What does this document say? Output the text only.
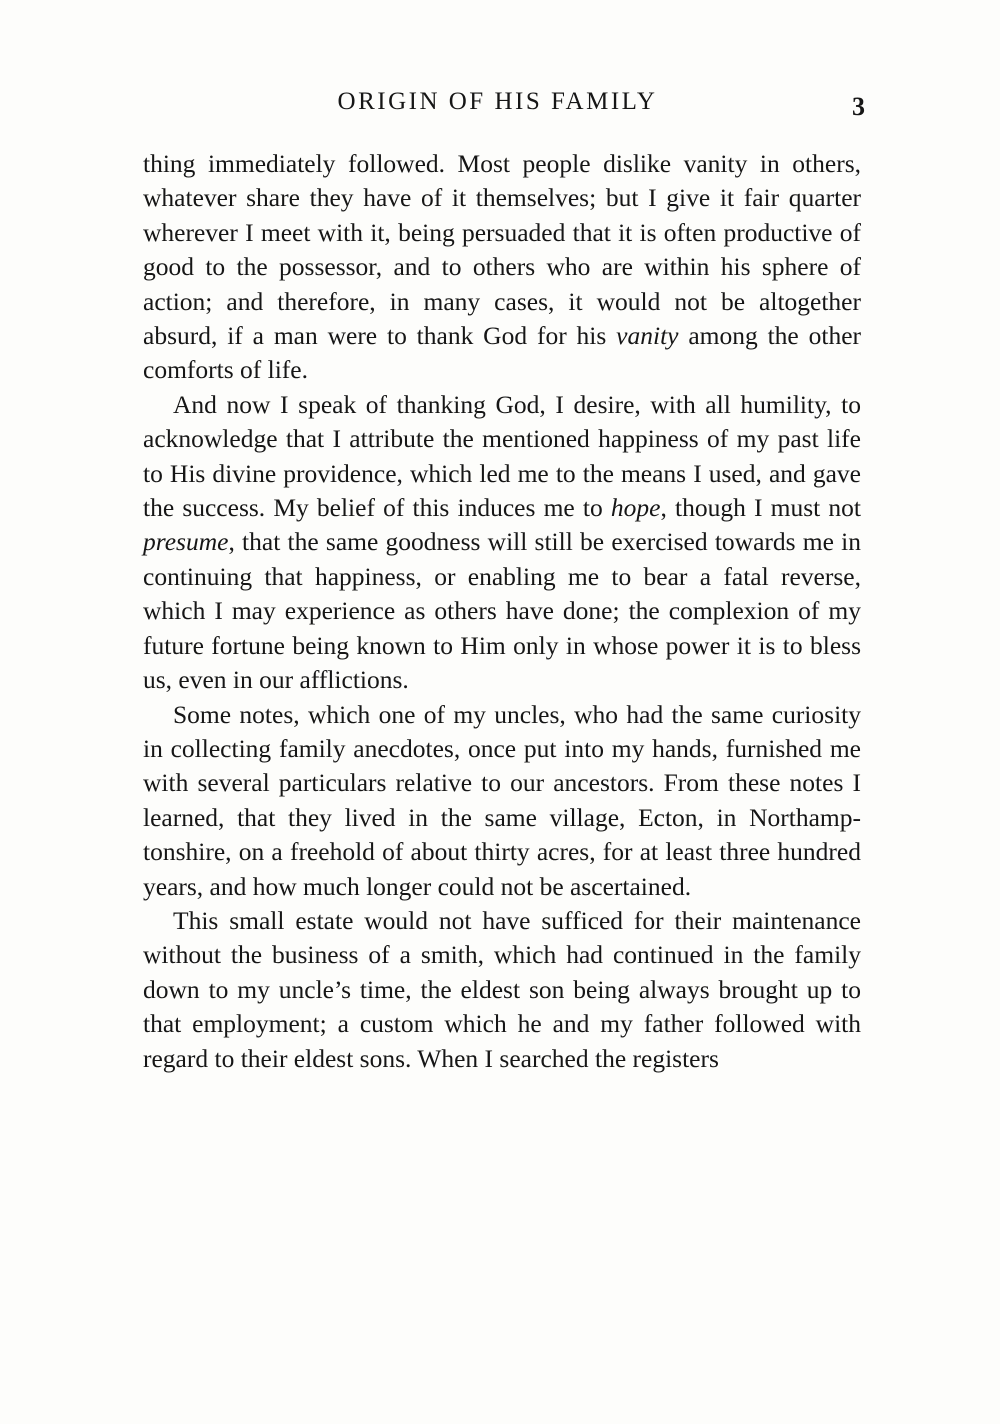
ORIGIN OF HIS FAMILY	3

thing immediately followed. Most people dislike vanity in others, whatever share they have of it themselves; but I give it fair quarter wherever I meet with it, being persuaded that it is often productive of good to the possessor, and to others who are within his sphere of action; and therefore, in many cases, it would not be altogether absurd, if a man were to thank God for his vanity among the other comforts of life.

And now I speak of thanking God, I desire, with all humility, to acknowledge that I attribute the mentioned happiness of my past life to His divine providence, which led me to the means I used, and gave the success. My belief of this induces me to hope, though I must not presume, that the same goodness will still be exercised towards me in continuing that happiness, or enabling me to bear a fatal reverse, which I may experience as others have done; the complexion of my future fortune being known to Him only in whose power it is to bless us, even in our afflictions.

Some notes, which one of my uncles, who had the same curiosity in collecting family anecdotes, once put into my hands, furnished me with several particulars relative to our ancestors. From these notes I learned, that they lived in the same village, Ecton, in Northamptonshire, on a freehold of about thirty acres, for at least three hundred years, and how much longer could not be ascertained.

This small estate would not have sufficed for their maintenance without the business of a smith, which had continued in the family down to my uncle’s time, the eldest son being always brought up to that employment; a custom which he and my father followed with regard to their eldest sons. When I searched the registers
